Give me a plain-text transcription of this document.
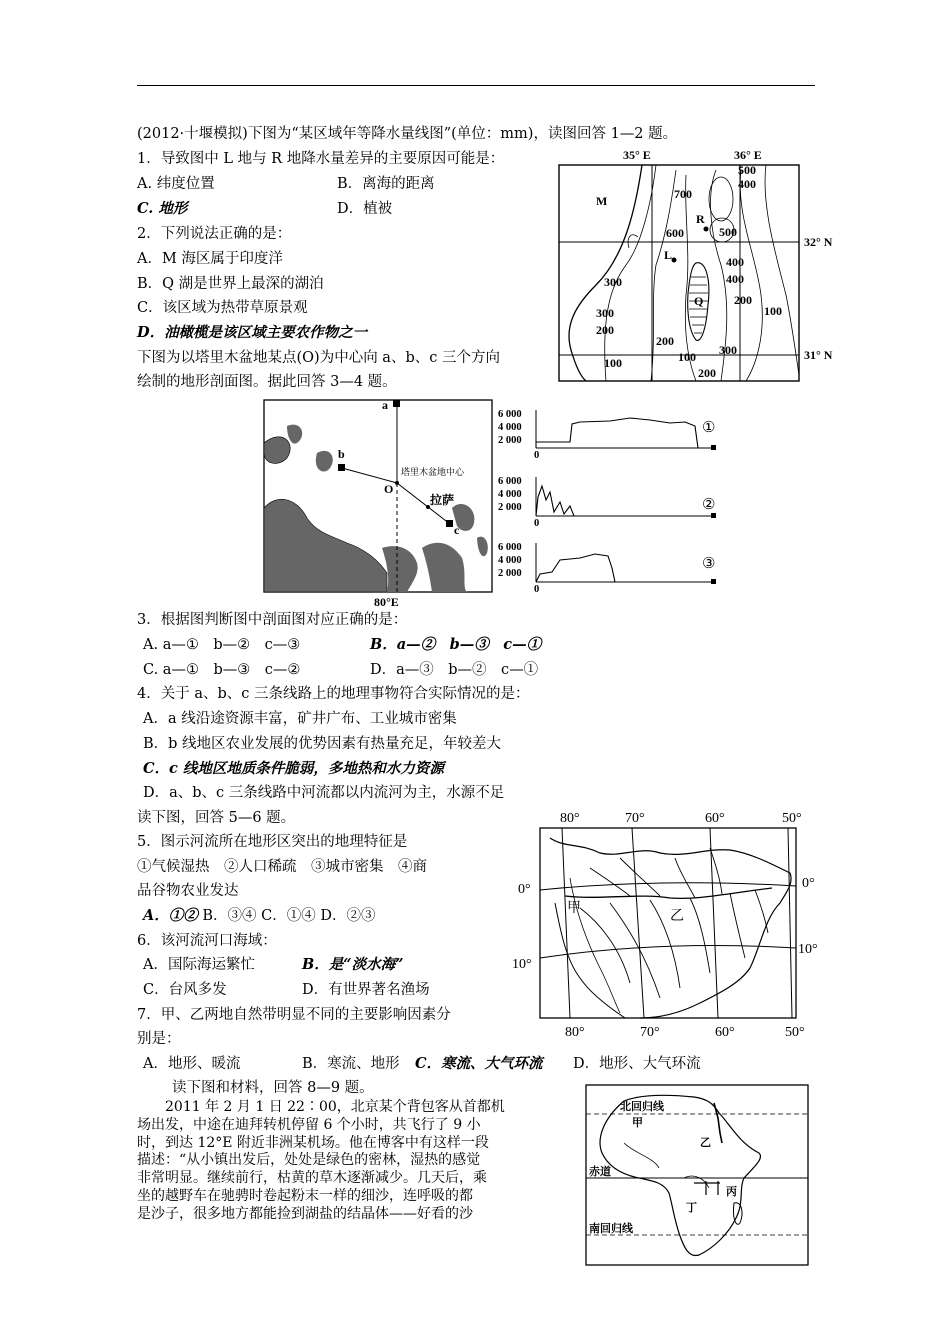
(2012·十堰模拟)下图为“某区域年等降水量线图”(单位：mm)，读图回答 1—2 题。
1．导致图中 L 地与 R 地降水量差异的主要原因可能是：
A. 纬度位置	B．离海的距离
C. 地形	D．植被
2．下列说法正确的是：
A．M 海区属于印度洋
B．Q 湖是世界上最深的湖泊
C．该区域为热带草原景观
D．油橄榄是该区域主要农作物之一
下图为以塔里木盆地某点(O)为中心向 a、b、c 三个方向
绘制的地形剖面图。据此回答 3—4 题。
35° E	36° E
32° N
31° N
M
L
R
Q
700
500
400
600	500
400
400
300
200
300
200
100
200
100
300
100
200
a
b
c
O
塔里木盆地中心
拉萨
80°E
6 000
4 000
2 000
0
①
6 000
4 000
2 000
0
②
6 000
4 000
2 000
0
③
3．根据图判断图中剖面图对应正确的是：
A. a—①　b—②　c—③	B．a—②　b—③　c—①
C. a—①　b—③　c—②	D．a—③　b—②　c—①
4．关于 a、b、c 三条线路上的地理事物符合实际情况的是：
A．a 线沿途资源丰富，矿井广布、工业城市密集
B．b 线地区农业发展的优势因素有热量充足，年较差大
C．c 线地区地质条件脆弱，多地热和水力资源
D．a、b、c 三条线路中河流都以内流河为主，水源不足
读下图，回答 5—6 题。
5．图示河流所在地形区突出的地理特征是
①气候湿热　②人口稀疏　③城市密集　④商
品谷物农业发达
A．①② B．③④ C．①④ D．②③
6．该河流河口海域：
A．国际海运繁忙	B．是“淡水海”
C．台风多发	D．有世界著名渔场
7．甲、乙两地自然带明显不同的主要影响因素分
别是：
A．地形、暖流	B．寒流、地形 C．寒流、大气环流 D．地形、大气环流
80°	70°	60°	50°
80°	70°	60°	50°
0°
10°
0°
10°
甲
乙
读下图和材料，回答 8—9 题。
　　2011 年 2 月 1 日 22∶00，北京某个背包客从首都机
场出发，中途在迪拜转机停留 6 个小时，共飞行了 9 小
时，到达 12°E 附近非洲某机场。他在博客中有这样一段
描述：“从小镇出发后，处处是绿色的密林，湿热的感觉
非常明显。继续前行，枯黄的草木逐渐减少。几天后，乘
坐的越野车在驰骋时卷起粉末一样的细沙，连呼吸的都
是沙子，很多地方都能捡到湖盐的结晶体——好看的沙
北回归线
赤道
南回归线
甲
乙
丙
丁
